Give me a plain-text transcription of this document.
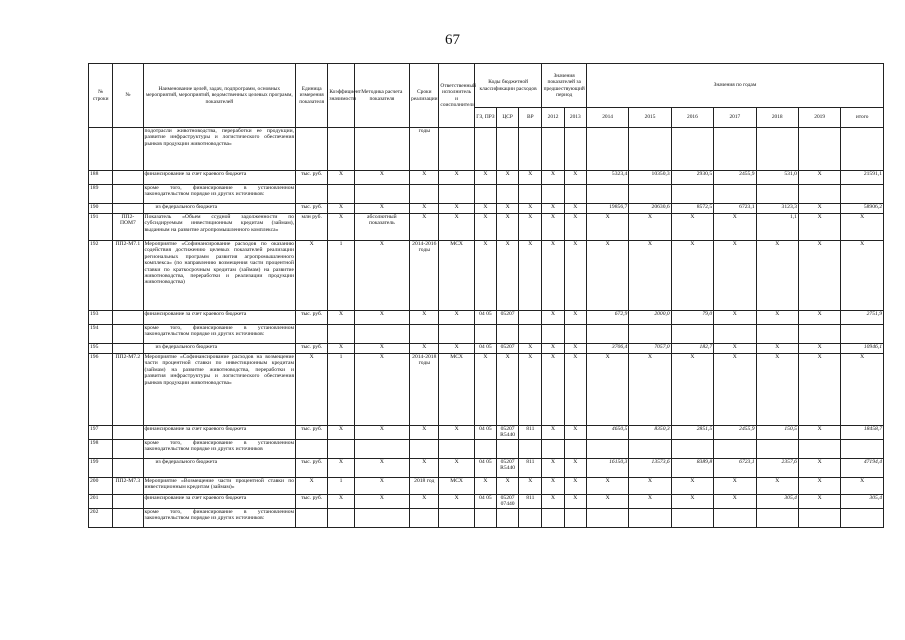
67
№ строки	№	Наименование целей, задач, подпрограмм, основных мероприятий, мероприятий, ведомственных целевых программ, показателей	Единица измерения показателя	Коэффициент значимости	Методика расчета показателя	Сроки реализации	Ответственный исполнитель и соисполнители	Коды бюджетной классификации расходов			Значения показателей за предшествующий период		Значения по годам						
								ГЗ, ПРЗ	ЦСР	ВР	2012	2013	2014	2015	2016	2017	2018	2019	итого
		подотрасли животноводства, переработки ее продукции, развитие инфраструктуры и логистического обеспечения рынков продукции животноводства»				годы													
188		финансирование за счет краевого бюджета	тыс. руб.	X	X	X	X	X	X	X	X	X	5323,4	10350,3	2930,5	2455,9	531,0	X	21591,1
189		кроме того, финансирование в установленном законодательством порядке из других источников:																	
190		из федерального бюджета	тыс. руб.	X	X	X	X	X	X	X	X	X	19856,7	20630,6	8572,5	6723,1	3123,3	X	58906,2
191	ПП2-ПОМ7	Показатель «Объем ссудной задолженности по субсидируемым инвестиционным кредитам (займам), выданным на развитие агропромышленного комплекса»	млн руб.	X	абсолютный показатель	X	X	X	X	X	X	X	X	X	X	X	1,1	X	X
192	ПП2-М7.1	Мероприятие «Софинансирование расходов по оказанию содействия достижению целевых показателей реализации региональных программ развития агропромышленного комплекса» (по направлению возмещения части процентной ставки по краткосрочным кредитам (займам) на развитие животноводства, переработки и реализации продукции животноводства)	X	1	X	2014-2016 годы	МСХ	X	X	X	X	X	X	X	X	X	X	X	X
193		финансирование за счет краевого бюджета	тыс. руб.	X	X	X	X	04 05	05207		X	X	672,9	2000,0	79,0	X	X	X	2751,9
194		кроме того, финансирование в установленном законодательством порядке из других источников:																	
195		из федерального бюджета	тыс. руб.	X	X	X	X	04 05	05207	X	X	X	3706,4	7057,0	182,7	X	X	X	10946,1
196	ПП2-М7.2	Мероприятие «Софинансирование расходов на возмещение части процентной ставки по инвестиционным кредитам (займам) на развитие животноводства, переработки и развития инфраструктуры и логистического обеспечения рынков продукции животноводства»	X	1	X	2014-2018 годы	МСХ	X	X	X	X	X	X	X	X	X	X	X	X
197		финансирование за счет краевого бюджета	тыс. руб.	X	X	X	X	04 05	05207 R5440	811	X	X	4650,5	8350,3	2851,5	2455,9	150,5	X	18458,7
198		кроме того, финансирование в установленном законодательством порядке из других источников																	
199		из федерального бюджета	тыс. руб.	X	X	X	X	04 05	05207 R5440	811	X	X	16150,3	13573,6	8389,8	6723,1	2357,6	X	47194,4
200	ПП2-М7.3	Мероприятие «Возмещение части процентной ставки по инвестиционным кредитам (займам)»	X	1	X	2018 год	МСХ	X	X	X	X	X	X	X	X	X	X	X	X
201		финансирование за счет краевого бюджета	тыс. руб.	X	X	X	X	04 05	05207 07440	811	X	X	X	X	X	X	305,4	X	305,4
202		кроме того, финансирование в установленном законодательством порядке из других источников:																	
